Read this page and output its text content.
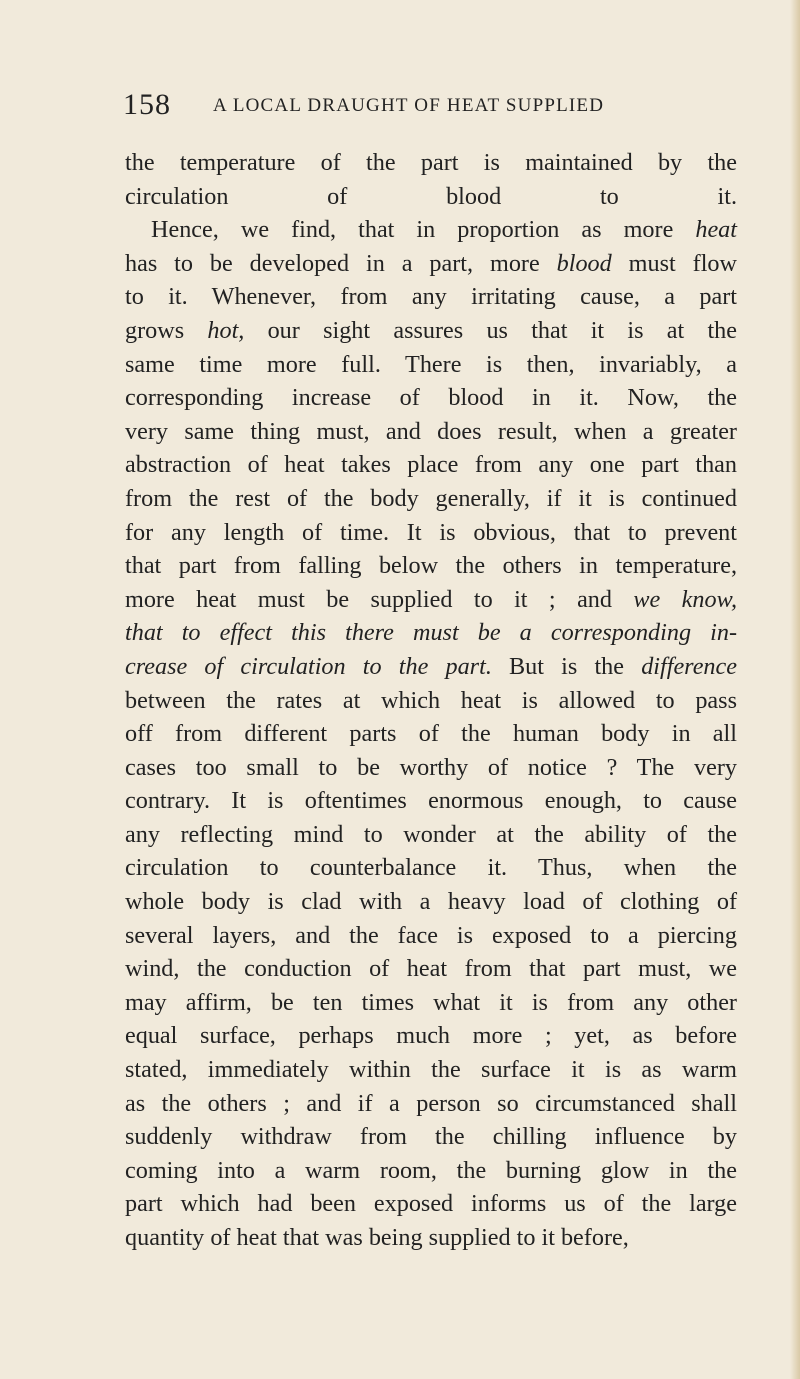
158 A LOCAL DRAUGHT OF HEAT SUPPLIED
the temperature of the part is maintained by the
circulation of blood to it.
Hence, we find, that in proportion as more heat
has to be developed in a part, more blood must flow
to it. Whenever, from any irritating cause, a part
grows hot, our sight assures us that it is at the
same time more full. There is then, invariably, a
corresponding increase of blood in it. Now, the
very same thing must, and does result, when a greater
abstraction of heat takes place from any one part than
from the rest of the body generally, if it is continued
for any length of time. It is obvious, that to prevent
that part from falling below the others in temperature,
more heat must be supplied to it ; and we know,
that to effect this there must be a corresponding in-
crease of circulation to the part. But is the difference
between the rates at which heat is allowed to pass
off from different parts of the human body in all
cases too small to be worthy of notice ? The very
contrary. It is oftentimes enormous enough, to cause
any reflecting mind to wonder at the ability of the
circulation to counterbalance it. Thus, when the
whole body is clad with a heavy load of clothing of
several layers, and the face is exposed to a piercing
wind, the conduction of heat from that part must, we
may affirm, be ten times what it is from any other
equal surface, perhaps much more ; yet, as before
stated, immediately within the surface it is as warm
as the others ; and if a person so circumstanced shall
suddenly withdraw from the chilling influence by
coming into a warm room, the burning glow in the
part which had been exposed informs us of the large
quantity of heat that was being supplied to it before,
